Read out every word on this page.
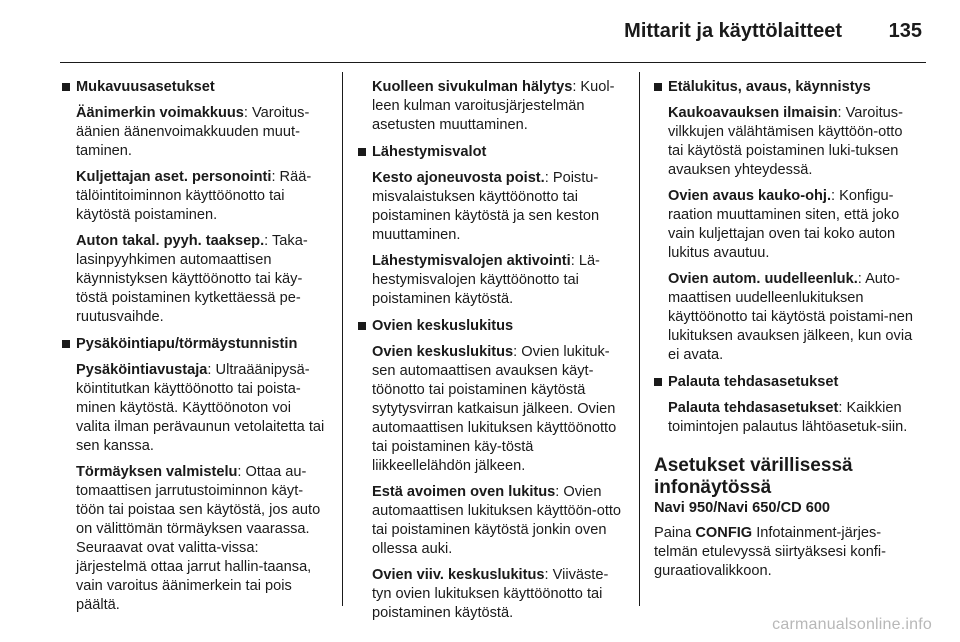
Mittarit ja käyttölaitteet 135
Mukavuusasetukset
Äänimerkin voimakkuus: Varoitus-äänien äänenvoimakkuuden muut-taminen.
Kuljettajan aset. personointi: Rää-tälöintitoiminnon käyttöönotto tai käytöstä poistaminen.
Auton takal. pyyh. taaksep.: Taka-lasinpyyhkimen automaattisen käynnistyksen käyttöönotto tai käy-töstä poistaminen kytkettäessä pe-ruutusvaihde.
Pysäköintiapu/törmäystunnistin
Pysäköintiavustaja: Ultraäänipysä-köintitutkan käyttöönotto tai poista-minen käytöstä. Käyttöönoton voi valita ilman perävaunun vetolaitetta tai sen kanssa.
Törmäyksen valmistelu: Ottaa au-tomaattisen jarrutustoiminnon käyt-töön tai poistaa sen käytöstä, jos auto on välittömän törmäyksen vaarassa. Seuraavat ovat valitta-vissa: järjestelmä ottaa jarrut hallin-taansa, vain varoitus äänimerkein tai pois päältä.
Kuolleen sivukulman hälytys: Kuol-leen kulman varoitusjärjestelmän asetusten muuttaminen.
Lähestymisvalot
Kesto ajoneuvosta poist.: Poistu-misvalaistuksen käyttöönotto tai poistaminen käytöstä ja sen keston muuttaminen.
Lähestymisvalojen aktivointi: Lä-hestymisvalojen käyttöönotto tai poistaminen käytöstä.
Ovien keskuslukitus
Ovien keskuslukitus: Ovien lukituk-sen automaattisen avauksen käyt-töönotto tai poistaminen käytöstä sytytysvirran katkaisun jälkeen. Ovien automaattisen lukituksen käyttöönotto tai poistaminen käy-töstä liikkeellelähdön jälkeen.
Estä avoimen oven lukitus: Ovien automaattisen lukituksen käyttöön-otto tai poistaminen käytöstä jonkin oven ollessa auki.
Ovien viiv. keskuslukitus: Viiväste-tyn ovien lukituksen käyttöönotto tai poistaminen käytöstä.
Etälukitus, avaus, käynnistys
Kaukoavauksen ilmaisin: Varoitus-vilkkujen välähtämisen käyttöön-otto tai käytöstä poistaminen luki-tuksen avauksen yhteydessä.
Ovien avaus kauko-ohj.: Konfigu-raation muuttaminen siten, että joko vain kuljettajan oven tai koko auton lukitus avautuu.
Ovien autom. uudelleenluk.: Auto-maattisen uudelleenlukituksen käyttöönotto tai käytöstä poistami-nen lukituksen avauksen jälkeen, kun ovia ei avata.
Palauta tehdasasetukset
Palauta tehdasasetukset: Kaikkien toimintojen palautus lähtöasetuk-siin.
Asetukset värillisessä infonäytössä
Navi 950/Navi 650/CD 600
Paina CONFIG Infotainment-järjes-telmän etulevyssä siirtyäksesi konfi-guraatiovalikkoon.
carmanualsonline.info
